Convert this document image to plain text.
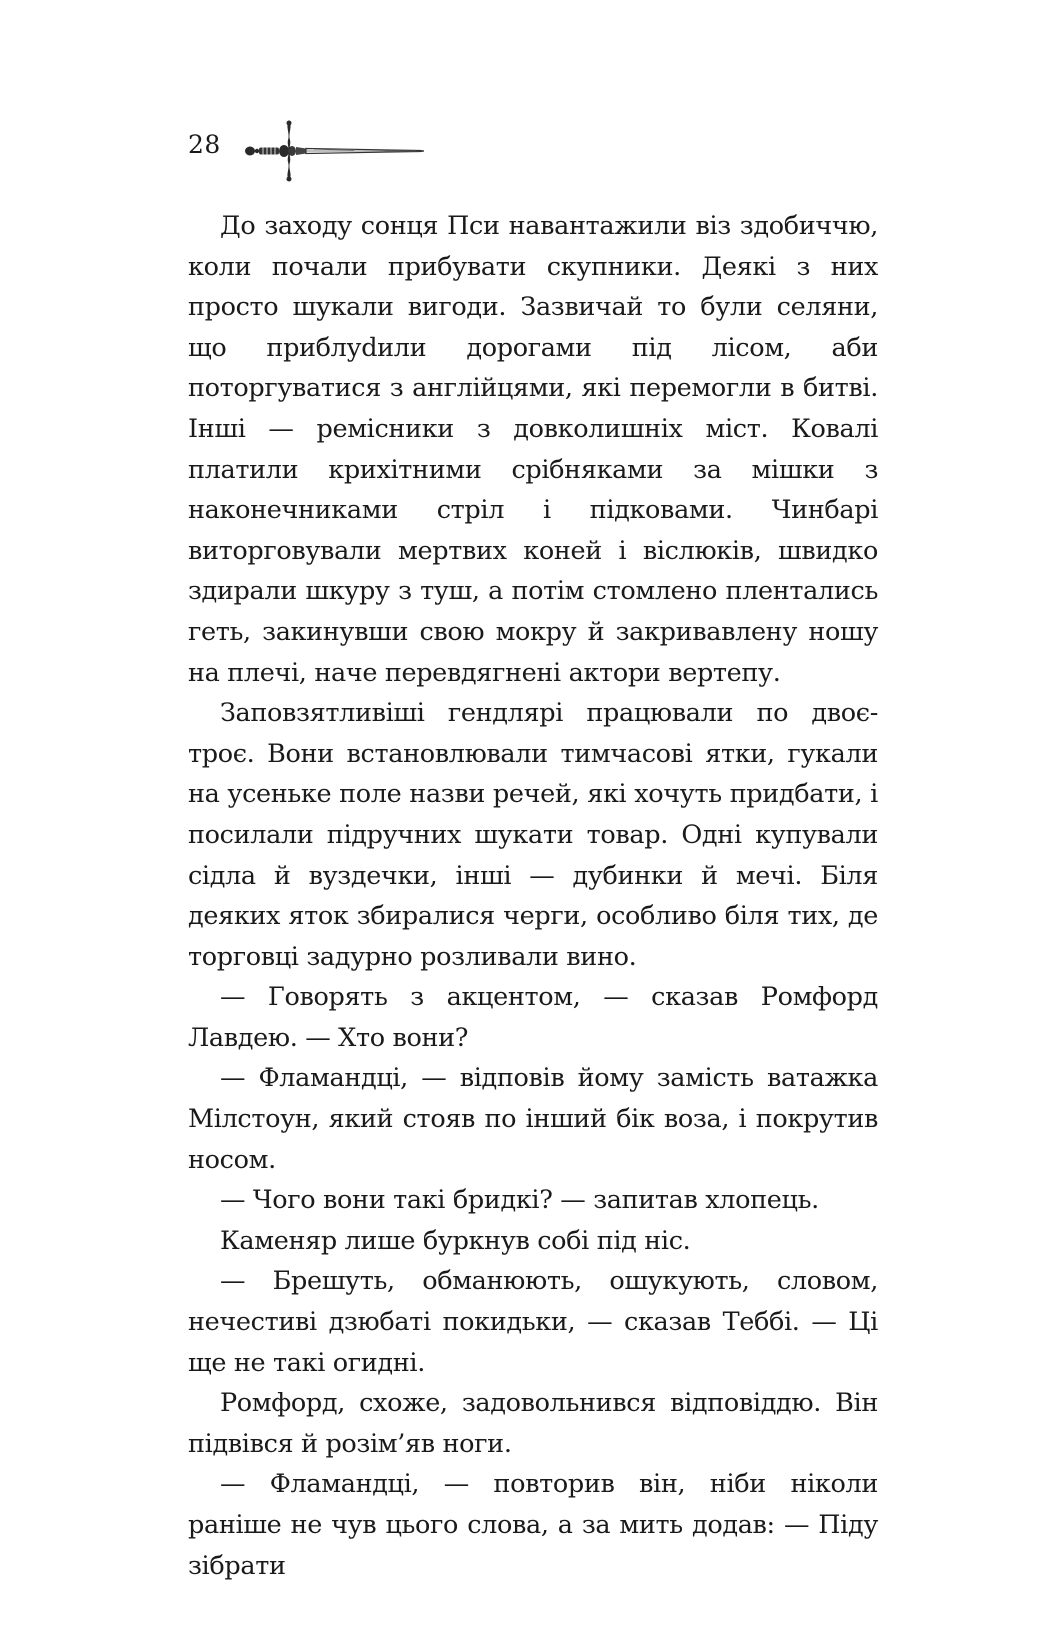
28

До заходу сонця Пси навантажили віз здобиччю, коли почали прибувати скупники. Деякі з них просто шукали вигоди. Зазвичай то були селяни, що приблуdили дорогами під лісом, аби поторгуватися з англійцями, які перемогли в битві. Інші — ремісники з довколишніх міст. Ковалі платили крихітними срібняками за мішки з наконечниками стріл і підковами. Чинбарі виторговували мертвих коней і віслюків, швидко здирали шкуру з туш, а потім стомлено плентались геть, закинувши свою мокру й закривавлену ношу на плечі, наче перевдягнені актори вертепу.

Заповзятливіші гендлярі працювали по двоє-троє. Вони встановлювали тимчасові ятки, гукали на усеньке поле назви речей, які хочуть придбати, і посилали підручних шукати товар. Одні купували сідла й вуздечки, інші — дубинки й мечі. Біля деяких яток збиралися черги, особливо біля тих, де торговці задурно розливали вино.

— Говорять з акцентом, — сказав Ромфорд Лавдею. — Хто вони?

— Фламандці, — відповів йому замість ватажка Мілстоун, який стояв по інший бік воза, і покрутив носом.

— Чого вони такі бридкі? — запитав хлопець.

Каменяр лише буркнув собі під ніс.

— Брешуть, обманюють, ошукують, словом, нечестиві дзюбаті покидьки, — сказав Теббі. — Ці ще не такі огидні.

Ромфорд, схоже, задовольнився відповіддю. Він підвівся й розім’яв ноги.

— Фламандці, — повторив він, ніби ніколи раніше не чув цього слова, а за мить додав: — Піду зібрати
